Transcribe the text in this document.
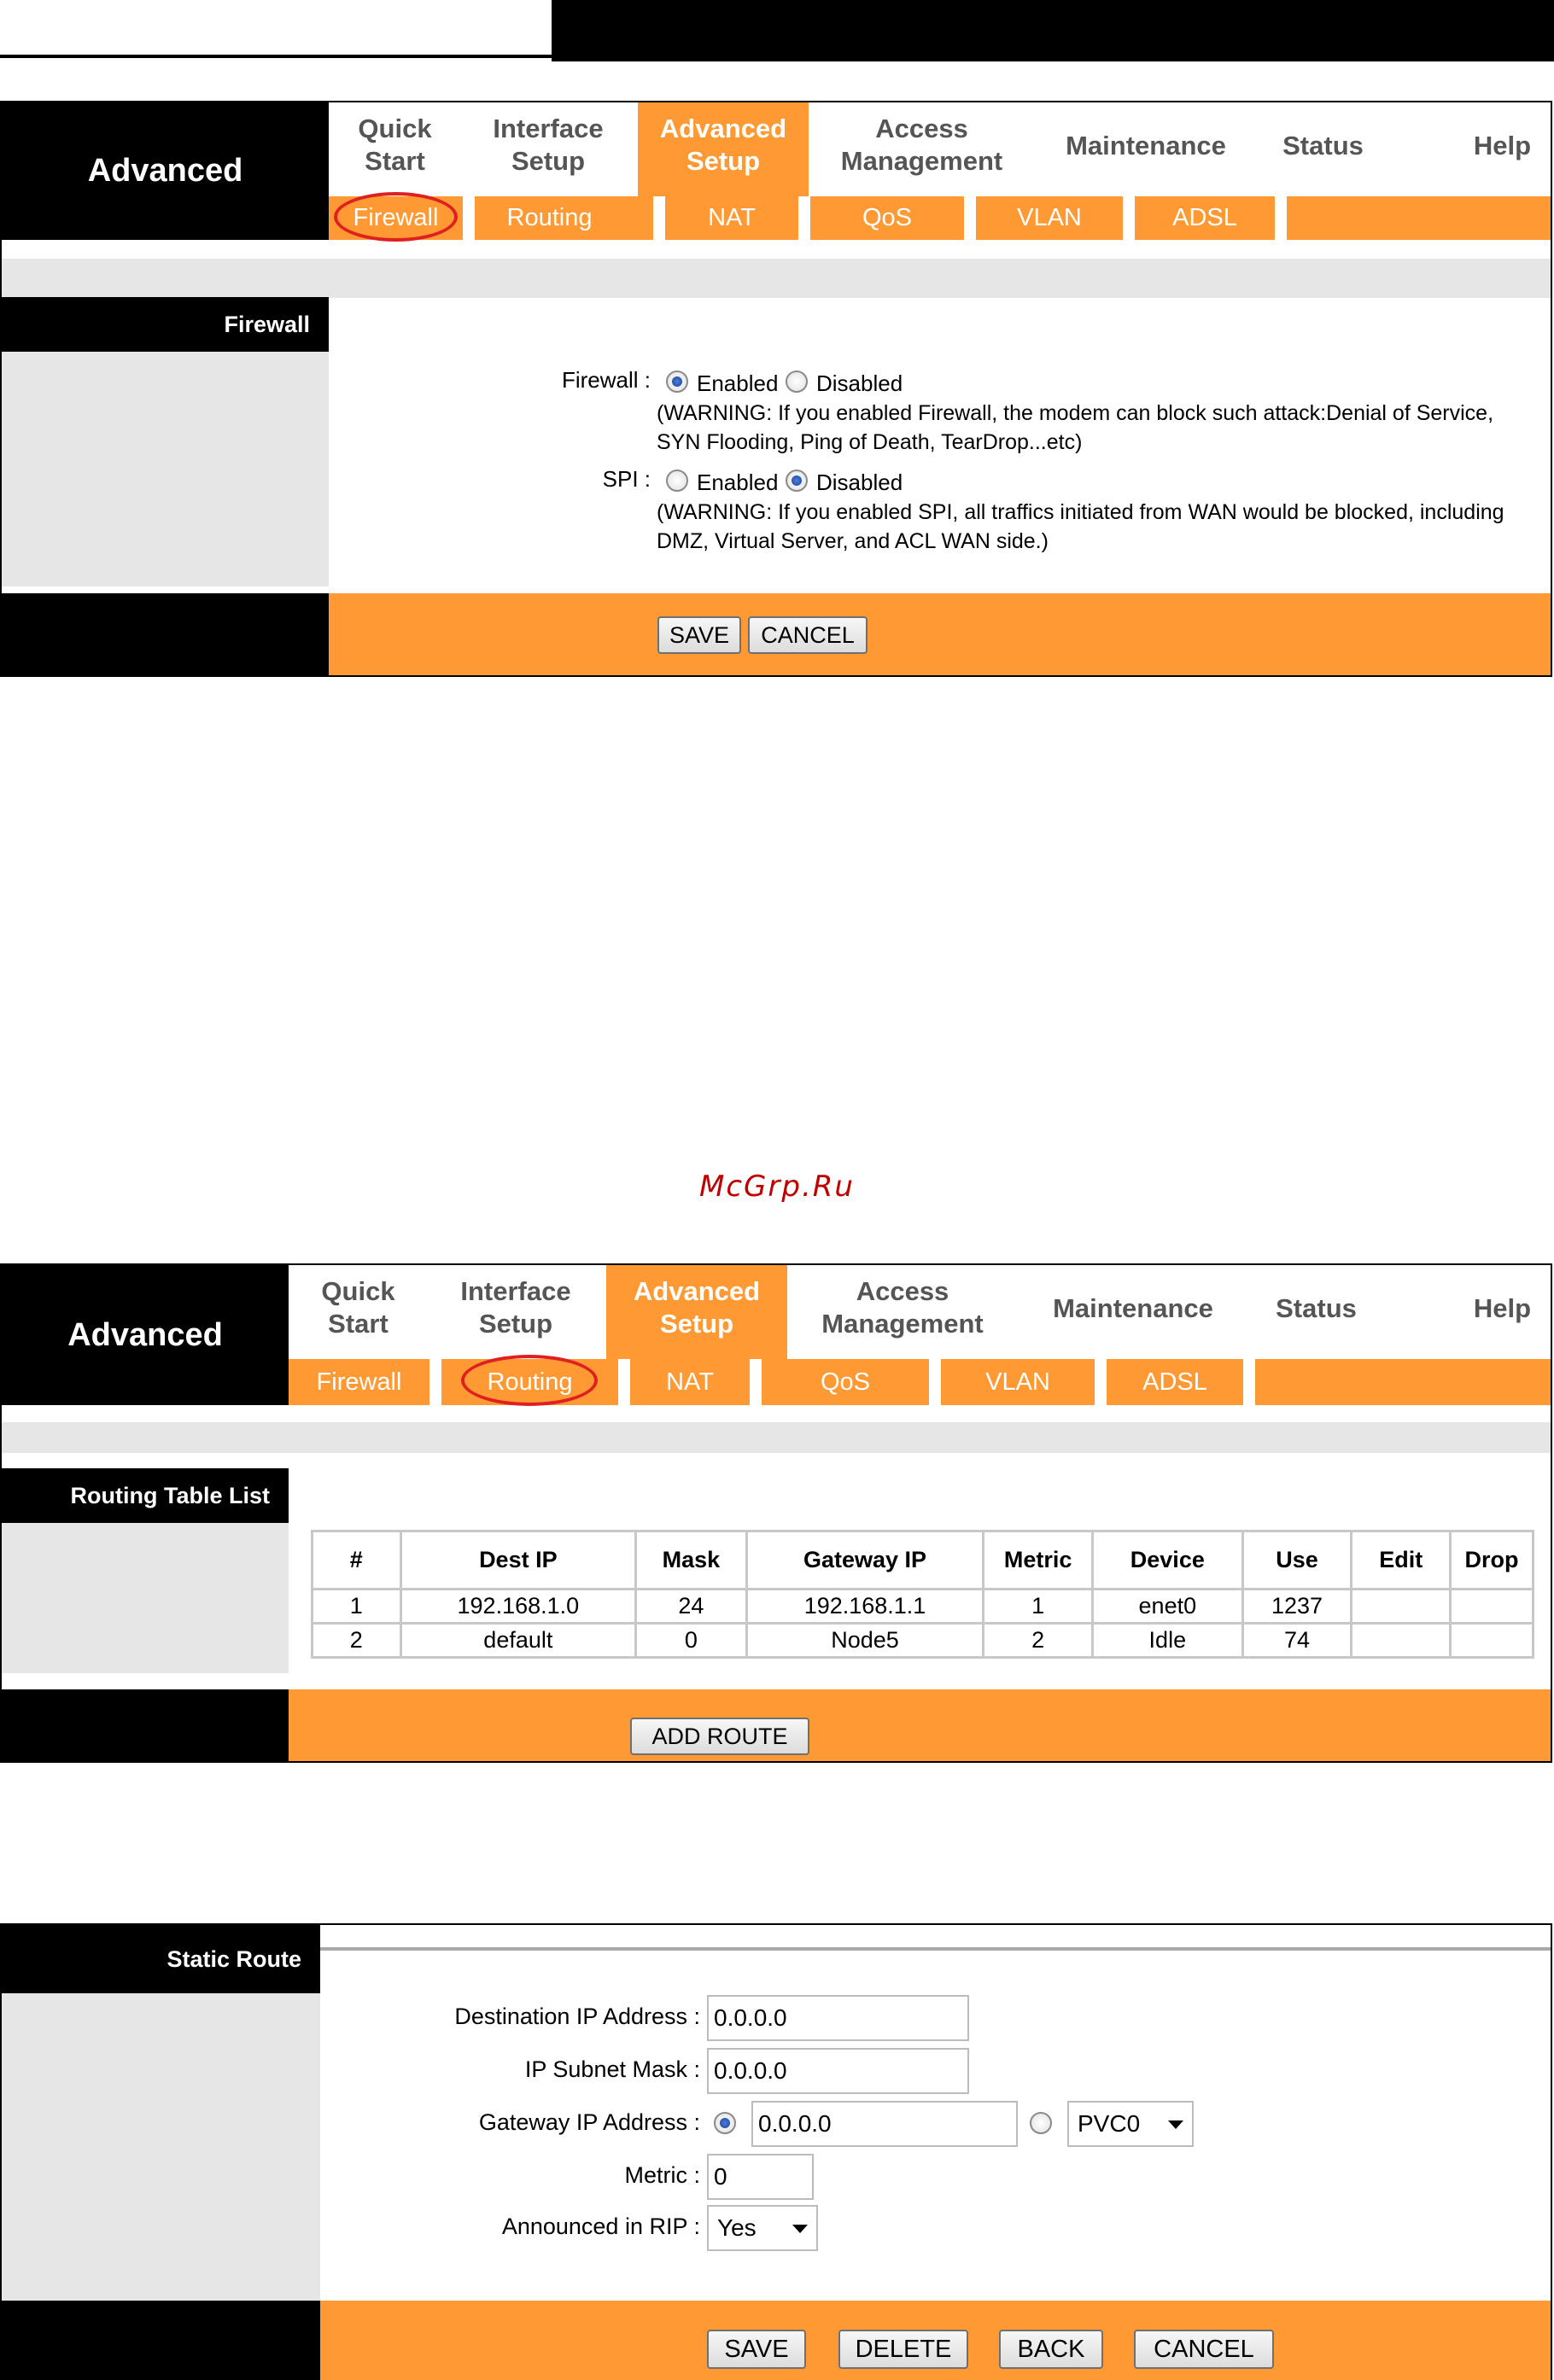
Advanced
Quick
Start
Interface
Setup
Advanced
Setup
Access
Management
Maintenance	Status	Help
Firewall	Routing	NAT	QoS	VLAN	ADSL
Firewall
Firewall : Enabled Disabled
(WARNING: If you enabled Firewall, the modem can block such attack:Denial of Service,
SYN Flooding, Ping of Death, TearDrop...etc)
SPI : Enabled Disabled
(WARNING: If you enabled SPI, all traffics initiated from WAN would be blocked, including
DMZ, Virtual Server, and ACL WAN side.)
SAVE	CANCEL
McGrp.Ru
Advanced
Quick
Start
Interface
Setup
Advanced
Setup
Access
Management
Maintenance	Status	Help
Firewall	Routing	NAT	QoS	VLAN	ADSL
Routing Table List
#	Dest IP	Mask	Gateway IP	Metric	Device	Use	Edit	Drop
1	192.168.1.0	24	192.168.1.1	1	enet0	1237		
2	default	0	Node5	2	Idle	74		
ADD ROUTE
Static Route
Destination IP Address : 0.0.0.0
IP Subnet Mask : 0.0.0.0
Gateway IP Address : 0.0.0.0	PVC0
Metric : 0
Announced in RIP : Yes
SAVE	DELETE	BACK	CANCEL
